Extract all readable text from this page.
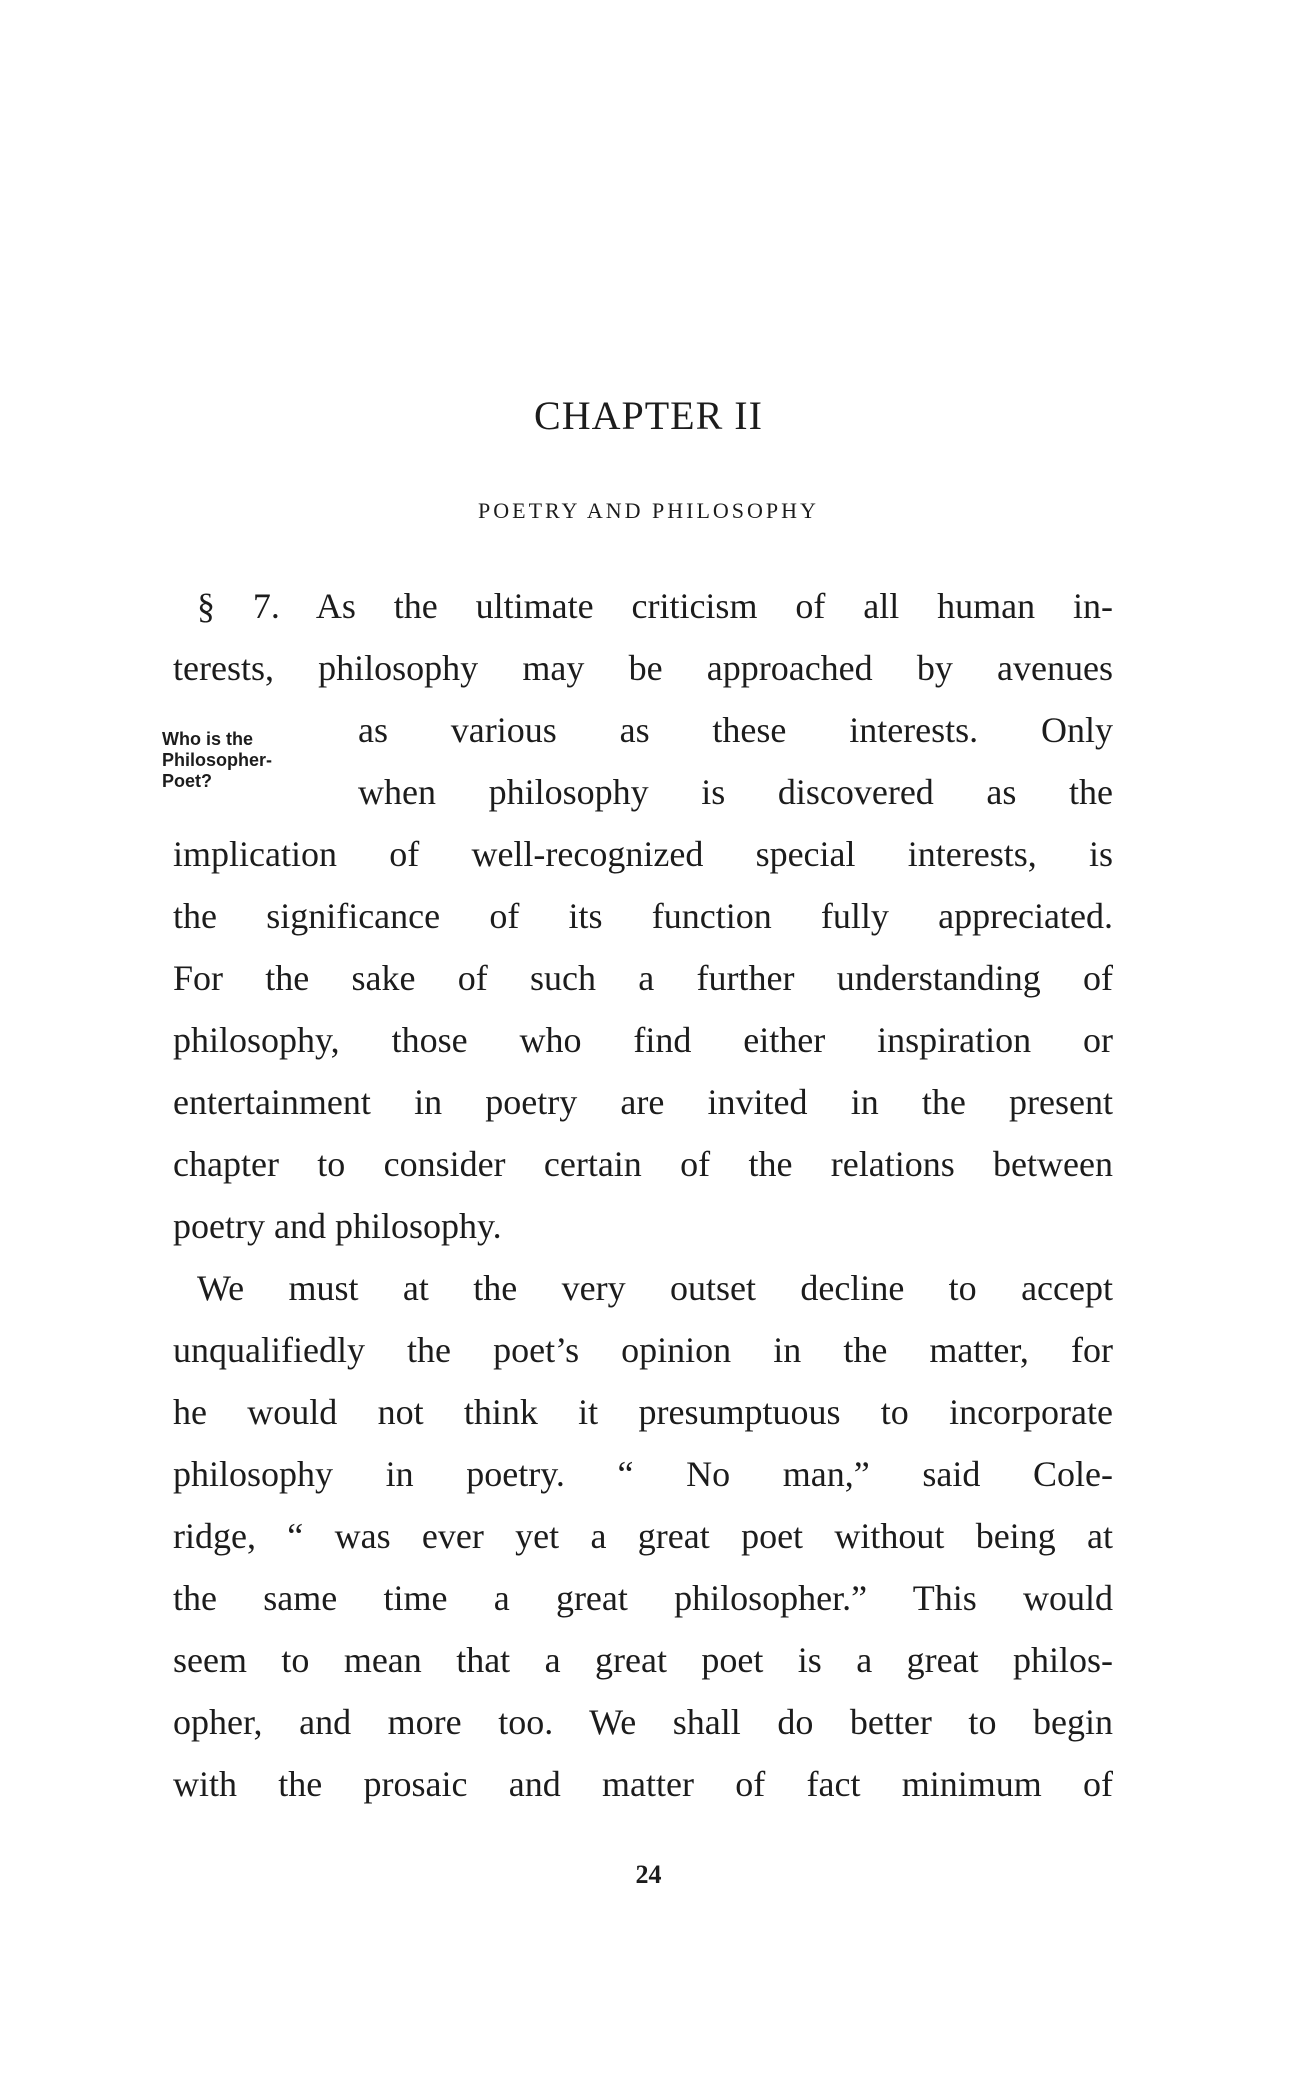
CHAPTER II
POETRY AND PHILOSOPHY
Who is the
Philosopher-
Poet?
§ 7. As the ultimate criticism of all human in-
terests, philosophy may be approached by avenues
as various as these interests. Only
when philosophy is discovered as the
implication of well-recognized special interests, is
the significance of its function fully appreciated.
For the sake of such a further understanding of
philosophy, those who find either inspiration or
entertainment in poetry are invited in the present
chapter to consider certain of the relations between
poetry and philosophy.
We must at the very outset decline to accept
unqualifiedly the poet’s opinion in the matter, for
he would not think it presumptuous to incorporate
philosophy in poetry. “ No man,” said Cole-
ridge, “ was ever yet a great poet without being at
the same time a great philosopher.” This would
seem to mean that a great poet is a great philos-
opher, and more too. We shall do better to begin
with the prosaic and matter of fact minimum of
24
